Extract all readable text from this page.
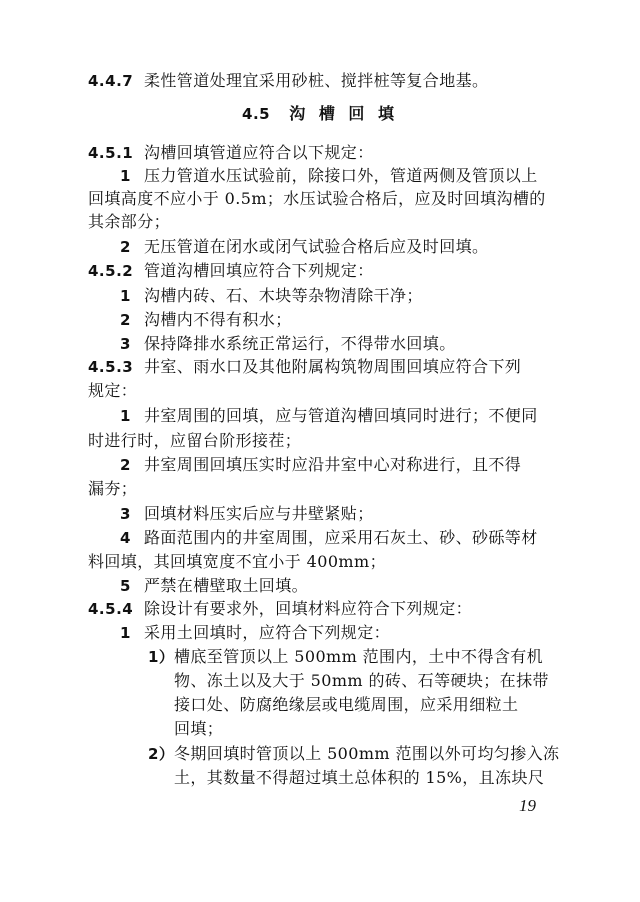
4.4.7 柔性管道处理宜采用砂桩、搅拌桩等复合地基。
4.5 沟 槽 回 填
4.5.1 沟槽回填管道应符合以下规定：
1 压力管道水压试验前，除接口外，管道两侧及管顶以上
回填高度不应小于 0.5m；水压试验合格后，应及时回填沟槽的
其余部分；
2 无压管道在闭水或闭气试验合格后应及时回填。
4.5.2 管道沟槽回填应符合下列规定：
1 沟槽内砖、石、木块等杂物清除干净；
2 沟槽内不得有积水；
3 保持降排水系统正常运行，不得带水回填。
4.5.3 井室、雨水口及其他附属构筑物周围回填应符合下列
规定：
1 井室周围的回填，应与管道沟槽回填同时进行；不便同
时进行时，应留台阶形接茬；
2 井室周围回填压实时应沿井室中心对称进行，且不得
漏夯；
3 回填材料压实后应与井壁紧贴；
4 路面范围内的井室周围，应采用石灰土、砂、砂砾等材
料回填，其回填宽度不宜小于 400mm；
5 严禁在槽壁取土回填。
4.5.4 除设计有要求外，回填材料应符合下列规定：
1 采用土回填时，应符合下列规定：
1）槽底至管顶以上 500mm 范围内，土中不得含有机
物、冻土以及大于 50mm 的砖、石等硬块；在抹带
接口处、防腐绝缘层或电缆周围，应采用细粒土
回填；
2）冬期回填时管顶以上 500mm 范围以外可均匀掺入冻
土，其数量不得超过填土总体积的 15%，且冻块尺
19
